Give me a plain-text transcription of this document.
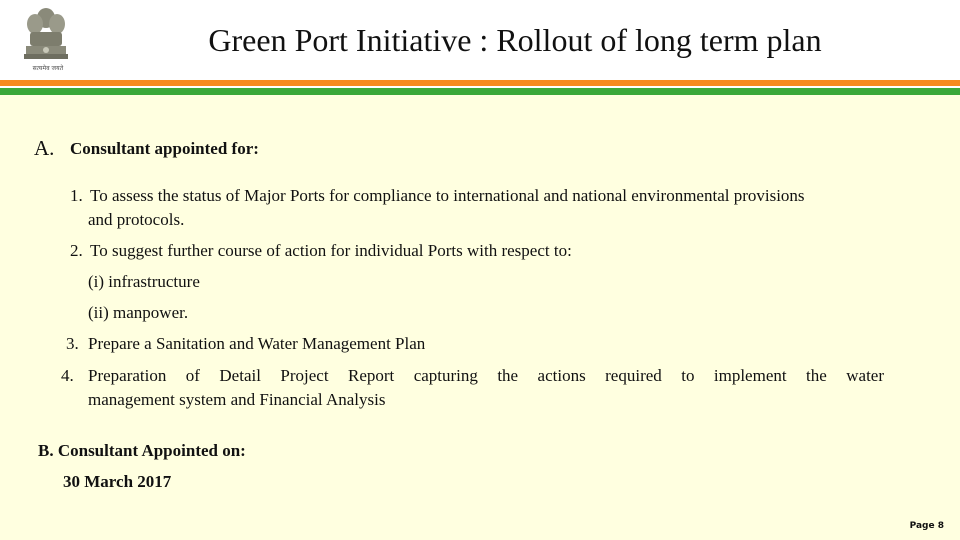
सत्यमेव जयते
Green Port Initiative : Rollout of long term plan
A. Consultant appointed for:
1. To assess the status of Major Ports for compliance to international and national environmental provisions
and protocols.
2. To suggest further course of action for individual Ports with respect to:
(i) infrastructure
(ii) manpower.
3. Prepare a Sanitation and Water Management Plan
4. Preparation of Detail Project Report capturing the actions required to implement the water
management system and Financial Analysis
B. Consultant Appointed on:
30 March 2017
Page 8
